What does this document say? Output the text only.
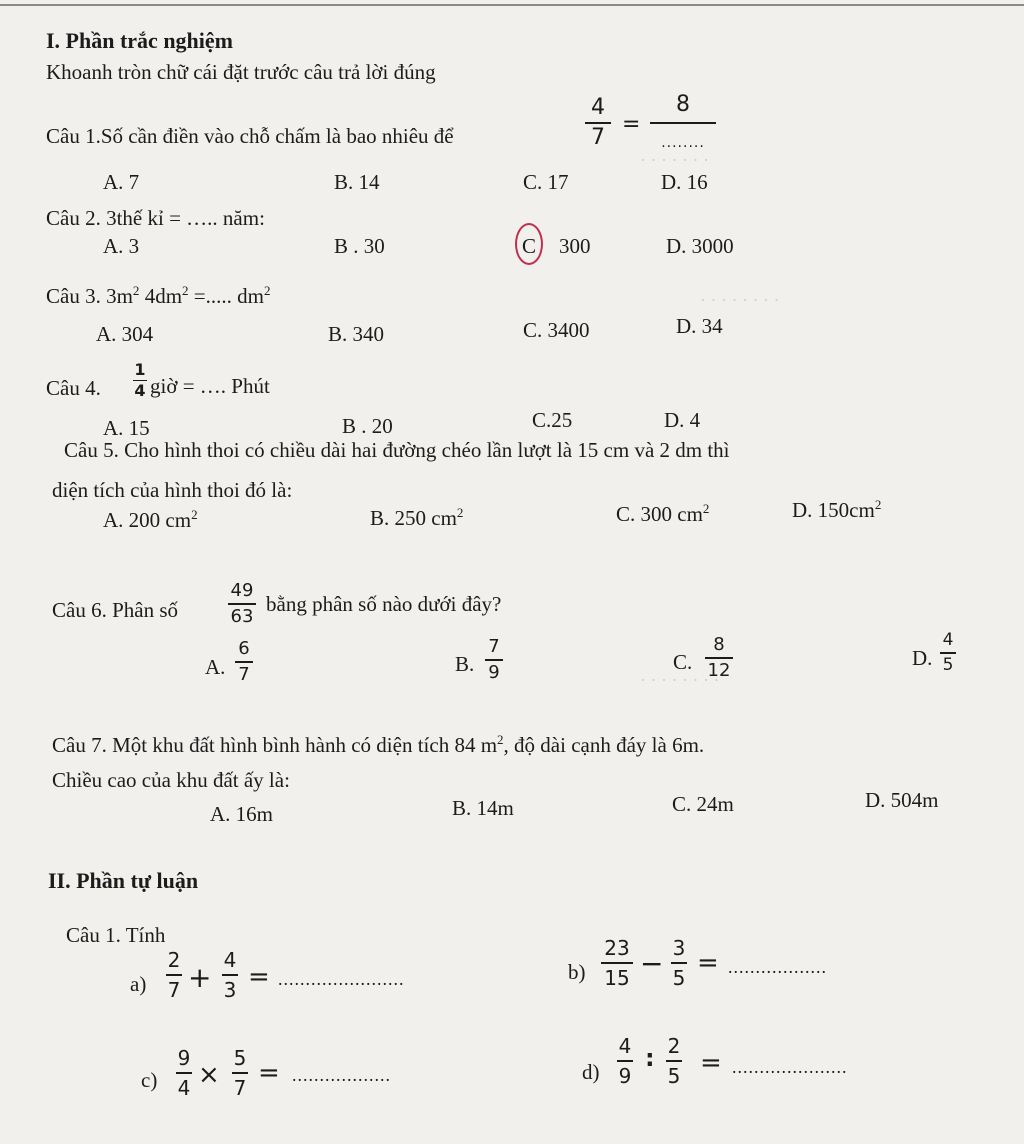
· · · · · · ·
· · · · · · · ·
· · · · · · · ·
I. Phần trắc nghiệm
Khoanh tròn chữ cái đặt trước câu trả lời đúng
Câu 1.Số cần điền vào chỗ chấm là bao nhiêu để	$\frac{4}{7}$ =
8
........
A. 7	B. 14	C. 17	D. 16
Câu 2. 3thế kỉ = ….. năm:
A. 3	B . 30	C 300	D. 3000
Câu 3. $3m^2$ $4dm^2$ =..... $dm^2$
A. 304	B. 340	C. 3400	D. 34
Câu 4. $\frac{1}{4}$ giờ = …. Phút
A. 15	B . 20	C.25	D. 4
Câu 5. Cho hình thoi có chiều dài hai đường chéo lần lượt là 15 cm và 2 dm thì
diện tích của hình thoi đó là:
A. 200 $cm^2$	B. 250 $cm^2$	C. 300 $cm^2$	D. $150cm^2$
Câu 6. Phân số	$\frac{49}{63}$ bằng phân số nào dưới đây?
A. $\frac{6}{7}$	B. $\frac{7}{9}$	C. $\frac{8}{12}$	D. $\frac{4}{5}$
Câu 7. Một khu đất hình bình hành có diện tích 84 $m^2$, độ dài cạnh đáy là 6m.
Chiều cao của khu đất ấy là:
A. 16m	B. 14m	C. 24m	D. 504m
II. Phần tự luận
Câu 1. Tính
$a) \frac{2}{7} + \frac{4}{3}$ = .......................	$b) \frac{23}{15} - \frac{3}{5}$ = ..................
$c) \frac{9}{4} \times \frac{5}{7}$ = ..................	$d) \frac{4}{9}$ : $\frac{2}{5}$ = .....................
